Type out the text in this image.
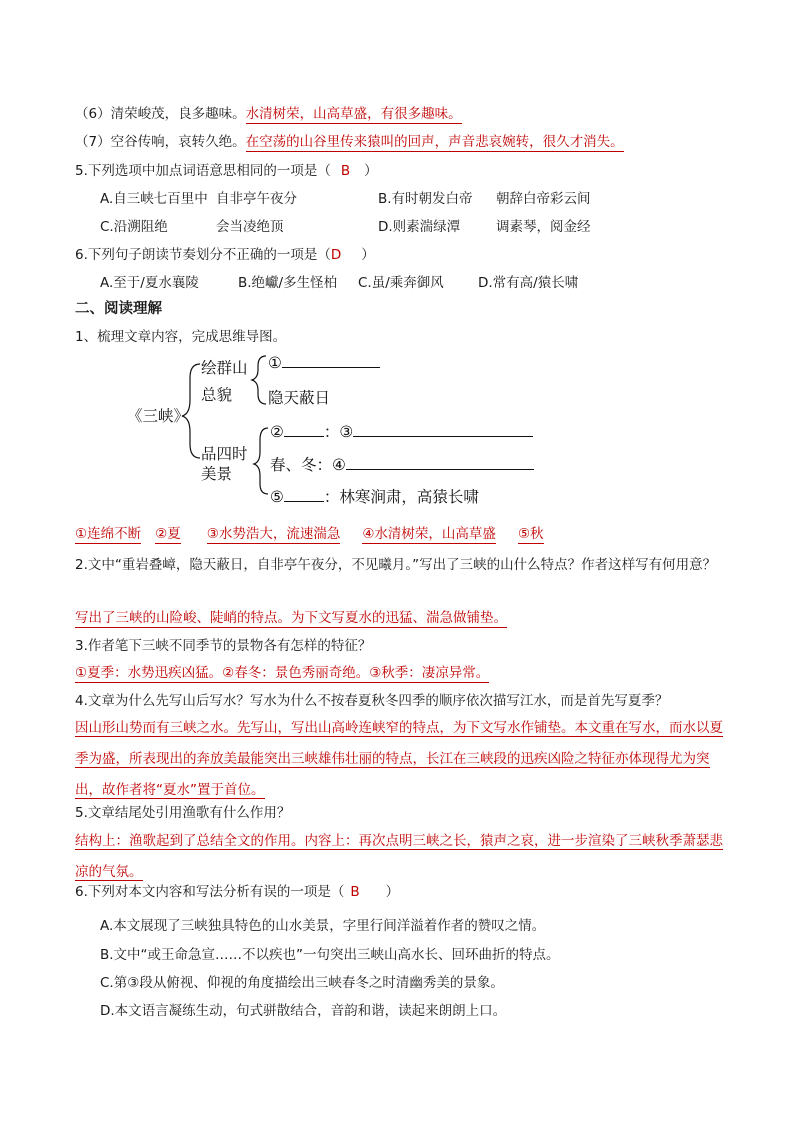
（6）清荣峻茂，良多趣味。水清树荣，山高草盛，有很多趣味。
（7）空谷传响，哀转久绝。在空荡的山谷里传来猿叫的回声，声音悲哀婉转，很久才消失。
5.下列选项中加点词语意思相同的一项是（ B ）
A.自三峡七百里中 自非亭午夜分	B.有时朝发白帝 朝辞白帝彩云间
C.沿溯阻绝	会当凌绝顶	D.则素湍绿潭	调素琴，阅金经
6.下列句子朗读节奏划分不正确的一项是（D ）
A.至于/夏水襄陵	B.绝巘/多生怪柏 C.虽/乘奔御风	D.常有高/猿长啸
二、阅读理解
1、梳理文章内容，完成思维导图。
《三峡》
绘群山
总貌
①
隐天蔽日
品四时
美景
②	：③
春、冬：④
⑤	：林寒涧肃，高猿长啸
①连绵不断 ②夏 ③水势浩大，流速湍急 ④水清树荣，山高草盛 ⑤秋
2.文中“重岩叠嶂，隐天蔽日，自非亭午夜分，不见曦月。”写出了三峡的山什么特点？作者这样写有何用意？
写出了三峡的山险峻、陡峭的特点。为下文写夏水的迅猛、湍急做铺垫。
3.作者笔下三峡不同季节的景物各有怎样的特征？
①夏季：水势迅疾凶猛。②春冬：景色秀丽奇绝。③秋季：凄凉异常。
4.文章为什么先写山后写水？写水为什么不按春夏秋冬四季的顺序依次描写江水，而是首先写夏季？
因山形山势而有三峡之水。先写山，写出山高岭连峡窄的特点，为下文写水作铺垫。本文重在写水，而水以夏季为盛，所表现出的奔放美最能突出三峡雄伟壮丽的特点，长江在三峡段的迅疾凶险之特征亦体现得尤为突出，故作者将“夏水”置于首位。
5.文章结尾处引用渔歌有什么作用？
结构上：渔歌起到了总结全文的作用。内容上：再次点明三峡之长，猿声之哀，进一步渲染了三峡秋季萧瑟悲凉的气氛。
6.下列对本文内容和写法分析有误的一项是（ B ）
A.本文展现了三峡独具特色的山水美景，字里行间洋溢着作者的赞叹之情。
B.文中“或王命急宣……不以疾也”一句突出三峡山高水长、回环曲折的特点。
C.第③段从俯视、仰视的角度描绘出三峡春冬之时清幽秀美的景象。
D.本文语言凝练生动，句式骈散结合，音韵和谐，读起来朗朗上口。
